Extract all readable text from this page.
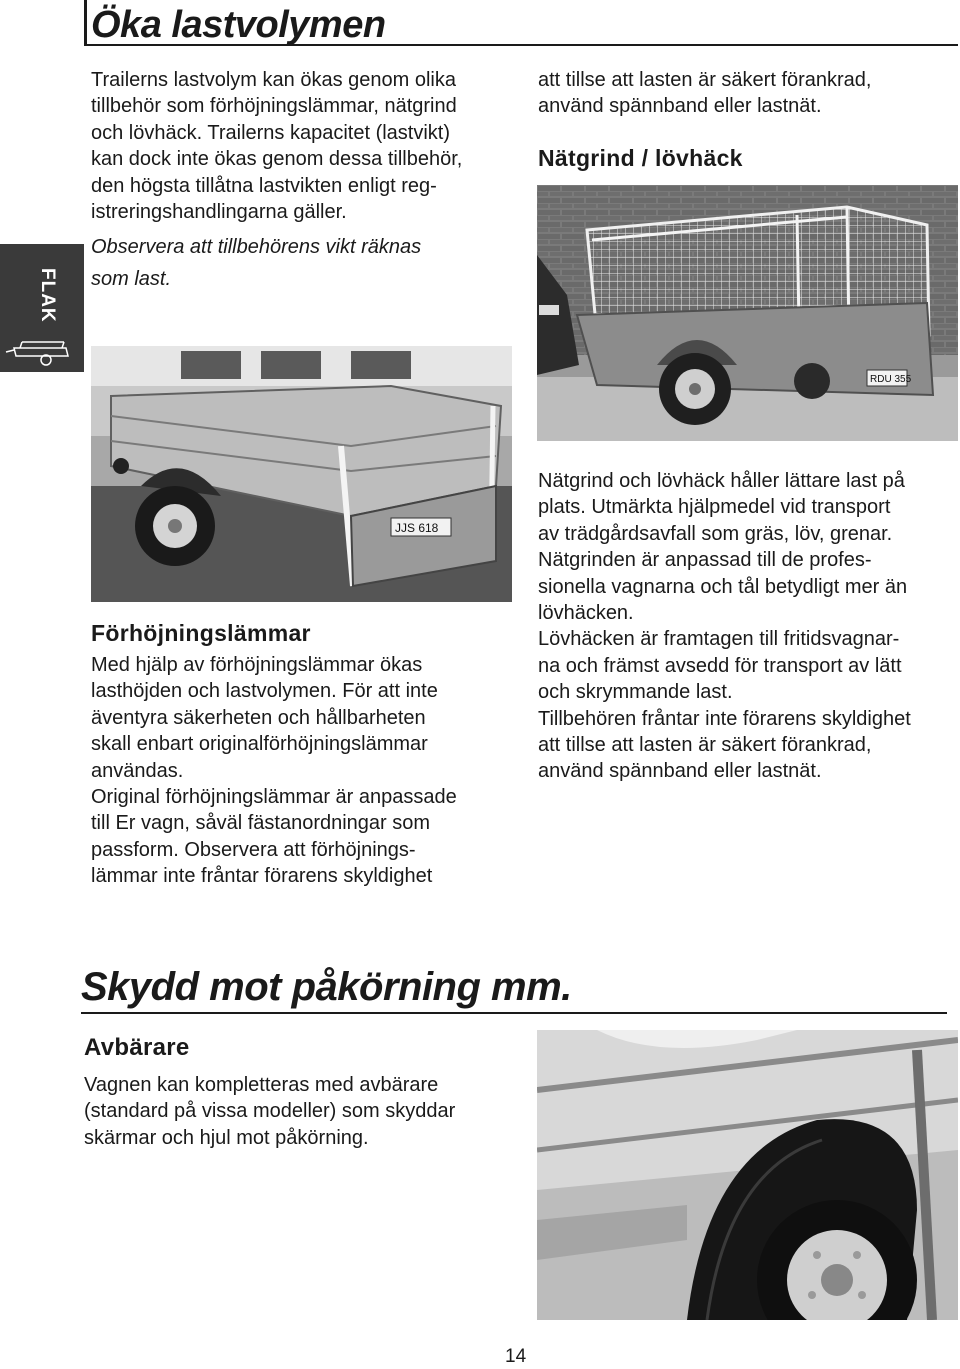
Öka lastvolymen
FLAK
Trailerns lastvolym kan ökas genom olika
tillbehör som förhöjningslämmar, nätgrind
och lövhäck. Trailerns kapacitet (lastvikt)
kan dock inte ökas genom dessa tillbehör,
den högsta tillåtna lastvikten enligt reg-
istreringshandlingarna gäller.
Observera att tillbehörens vikt räknas
som last.
att tillse att lasten är säkert förankrad,
använd spännband eller lastnät.
Nätgrind / lövhäck
RDU 355
JJS 618
Förhöjningslämmar
Med hjälp av förhöjningslämmar ökas
lasthöjden och lastvolymen. För att inte
äventyra säkerheten och hållbarheten
skall enbart originalförhöjningslämmar
användas.
Original förhöjningslämmar är anpassade
till Er vagn, såväl fästanordningar som
passform. Observera att förhöjnings-
lämmar inte fråntar förarens skyldighet
Nätgrind och lövhäck håller lättare last på
plats. Utmärkta hjälpmedel vid transport
av trädgårdsavfall som gräs, löv, grenar.
Nätgrinden är anpassad till de profes-
sionella vagnarna och tål betydligt mer än
lövhäcken.
Lövhäcken är framtagen till fritidsvagnar-
na och främst avsedd för transport av lätt
och skrymmande last.
Tillbehören fråntar inte förarens skyldighet
att tillse att lasten är säkert förankrad,
använd spännband eller lastnät.
Skydd mot påkörning mm.
Avbärare
Vagnen kan kompletteras med avbärare
(standard på vissa modeller) som skyddar
skärmar och hjul mot påkörning.
14
